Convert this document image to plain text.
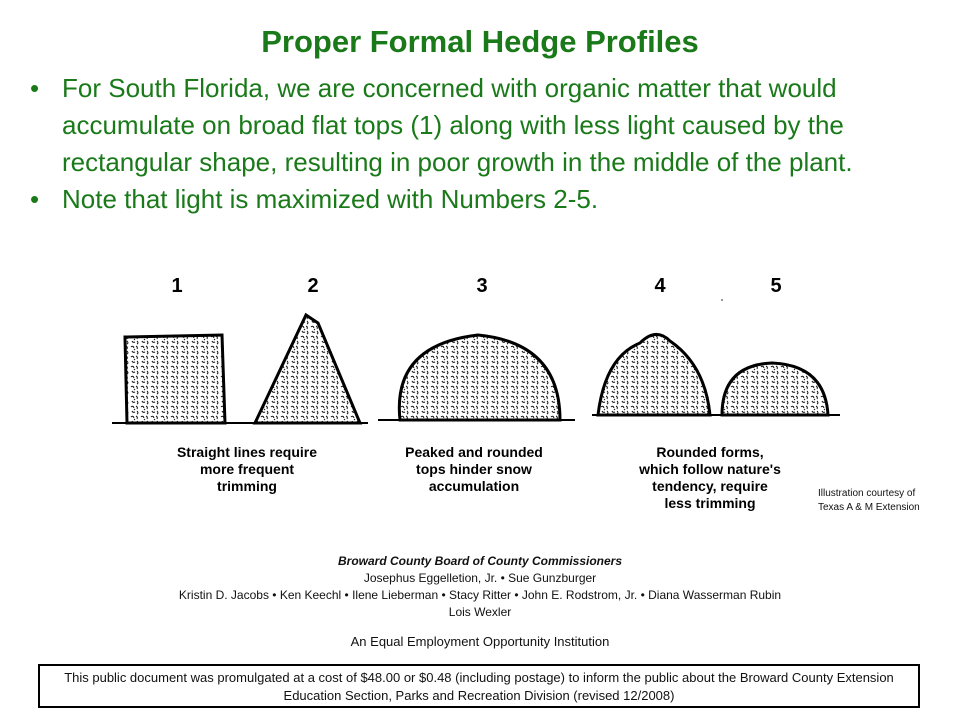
Proper Formal Hedge Profiles

• For South Florida, we are concerned with organic matter that would accumulate on broad flat tops (1) along with less light caused by the rectangular shape, resulting in poor growth in the middle of the plant.

• Note that light is maximized with Numbers 2-5.

1	2	3	4	5
Straight lines require
more frequent
trimming
Peaked and rounded
tops hinder snow
accumulation
Rounded forms,
which follow nature's
tendency, require
less trimming
Illustration courtesy of
Texas A & M Extension
Broward County Board of County Commissioners
Josephus Eggelletion, Jr. • Sue Gunzburger
Kristin D. Jacobs • Ken Keechl • Ilene Lieberman • Stacy Ritter • John E. Rodstrom, Jr. • Diana Wasserman Rubin
Lois Wexler
An Equal Employment Opportunity Institution
This public document was promulgated at a cost of $48.00 or $0.48 (including postage) to inform the public about the Broward County Extension Education Section, Parks and Recreation Division (revised 12/2008)
